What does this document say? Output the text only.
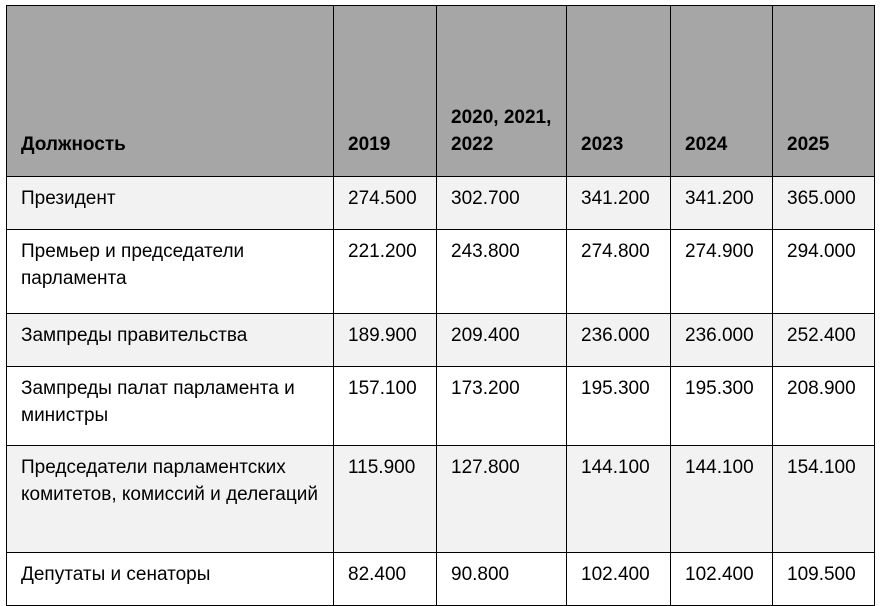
Должность	2019	2020, 2021, 2022	2023	2024	2025
Президент	274.500	302.700	341.200	341.200	365.000
Премьер и председатели парламента	221.200	243.800	274.800	274.900	294.000
Зампреды правительства	189.900	209.400	236.000	236.000	252.400
Зампреды палат парламента и министры	157.100	173.200	195.300	195.300	208.900
Председатели парламентских комитетов, комиссий и делегаций	115.900	127.800	144.100	144.100	154.100
Депутаты и сенаторы	82.400	90.800	102.400	102.400	109.500
